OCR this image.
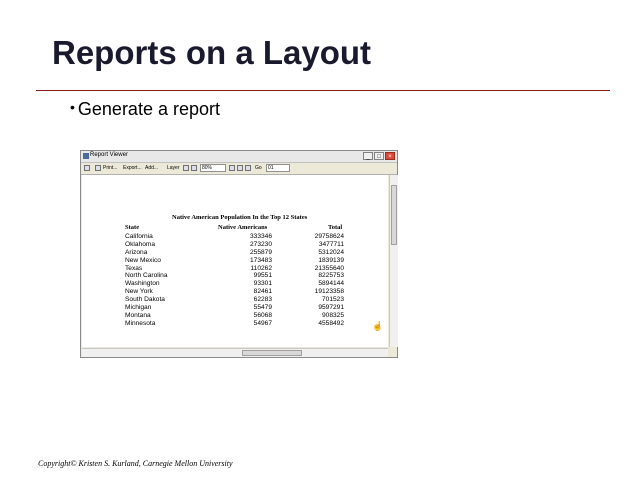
Reports on a Layout
• Generate a report
Report Viewer	_	□	×
Print... Export... Add... Layer	80%	Go	01
Native American Population In the Top 12 States
State	Native Americans	Total
California	333346	29758624
Oklahoma	273230	3477711
Arizona	255879	5312024
New Mexico	173483	1839139
Texas	110262	21355640
North Carolina	99551	8225753
Washington	93301	5894144
New York	82461	19123358
South Dakota	62283	701523
Michigan	55479	9597291
Montana	56068	908325
Minnesota	54967	4558492	☝
Copyright© Kristen S. Kurland, Carnegie Mellon University
